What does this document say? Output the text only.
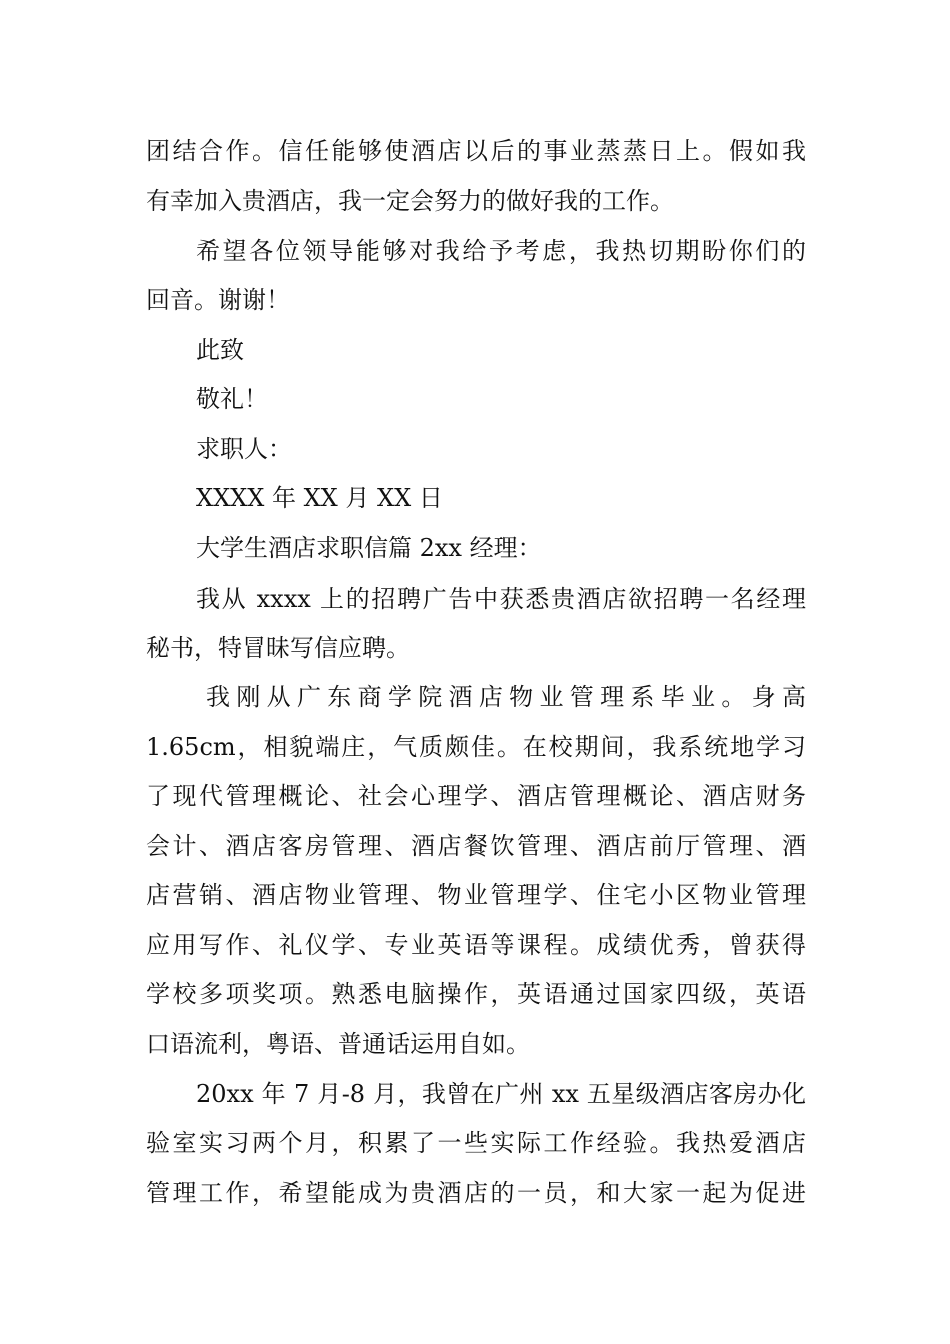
团结合作。信任能够使酒店以后的事业蒸蒸日上。假如我
有幸加入贵酒店，我一定会努力的做好我的工作。
希望各位领导能够对我给予考虑，我热切期盼你们的
回音。谢谢！
此致
敬礼！
求职人：
XXXX 年 XX 月 XX 日
大学生酒店求职信篇 2xx 经理：
我从 xxxx 上的招聘广告中获悉贵酒店欲招聘一名经理
秘书，特冒昧写信应聘。
我刚从广东商学院酒店物业管理系毕业。身高
1.65cm，相貌端庄，气质颇佳。在校期间，我系统地学习
了现代管理概论、社会心理学、酒店管理概论、酒店财务
会计、酒店客房管理、酒店餐饮管理、酒店前厅管理、酒
店营销、酒店物业管理、物业管理学、住宅小区物业管理
应用写作、礼仪学、专业英语等课程。成绩优秀，曾获得
学校多项奖项。熟悉电脑操作，英语通过国家四级，英语
口语流利，粤语、普通话运用自如。
20xx 年 7 月-8 月，我曾在广州 xx 五星级酒店客房办化
验室实习两个月，积累了一些实际工作经验。我热爱酒店
管理工作，希望能成为贵酒店的一员，和大家一起为促进
